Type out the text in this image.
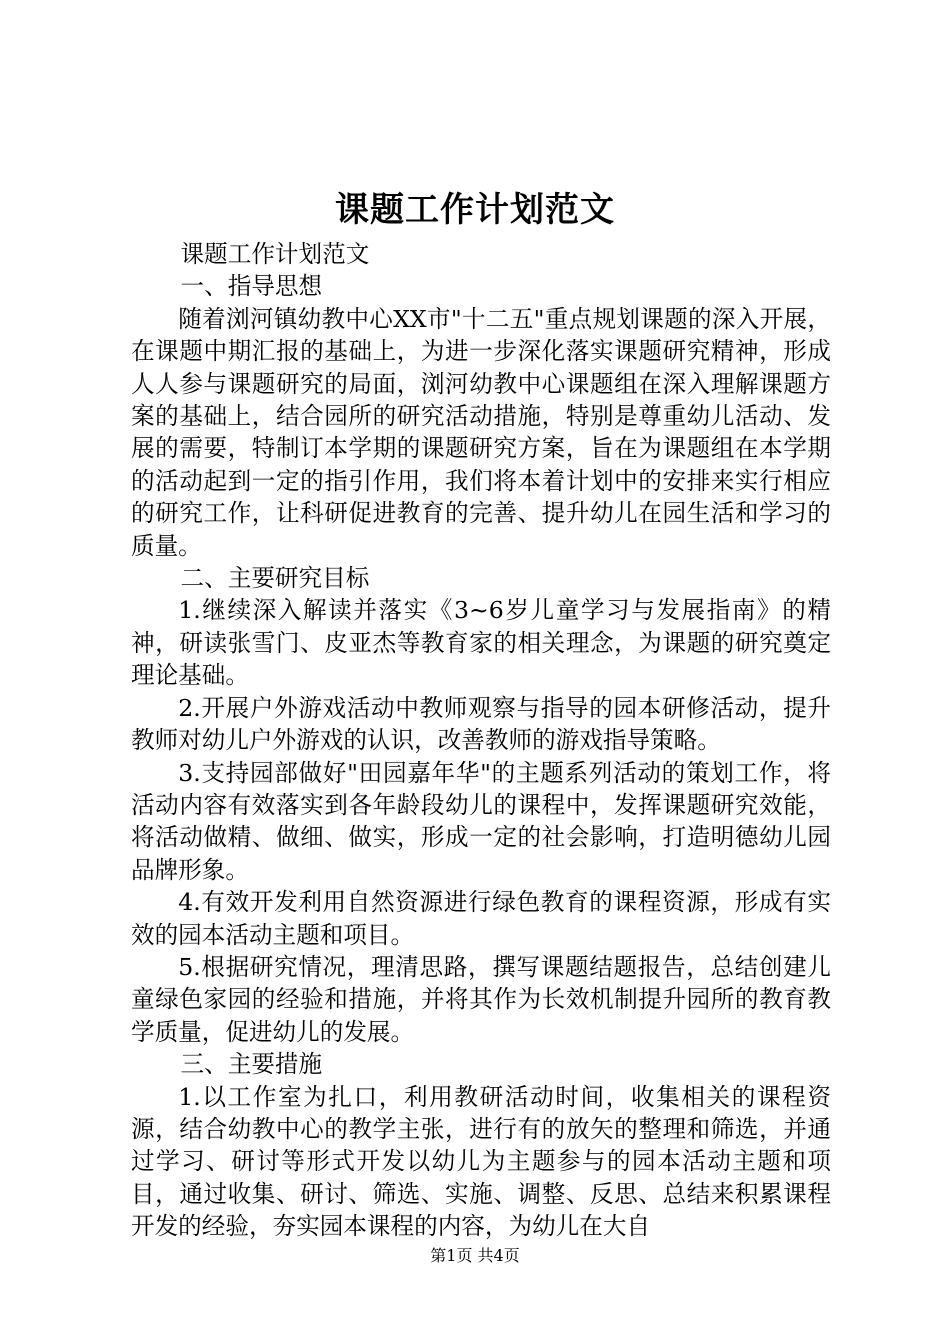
课题工作计划范文

课题工作计划范文

一、指导思想

随着浏河镇幼教中心XX市"十二五"重点规划课题的深入开展，在课题中期汇报的基础上，为进一步深化落实课题研究精神，形成人人参与课题研究的局面，浏河幼教中心课题组在深入理解课题方案的基础上，结合园所的研究活动措施，特别是尊重幼儿活动、发展的需要，特制订本学期的课题研究方案，旨在为课题组在本学期的活动起到一定的指引作用，我们将本着计划中的安排来实行相应的研究工作，让科研促进教育的完善、提升幼儿在园生活和学习的质量。

二、主要研究目标

1.继续深入解读并落实《3~6岁儿童学习与发展指南》的精神，研读张雪门、皮亚杰等教育家的相关理念，为课题的研究奠定理论基础。

2.开展户外游戏活动中教师观察与指导的园本研修活动，提升教师对幼儿户外游戏的认识，改善教师的游戏指导策略。

3.支持园部做好"田园嘉年华"的主题系列活动的策划工作，将活动内容有效落实到各年龄段幼儿的课程中，发挥课题研究效能，将活动做精、做细、做实，形成一定的社会影响，打造明德幼儿园品牌形象。

4.有效开发利用自然资源进行绿色教育的课程资源，形成有实效的园本活动主题和项目。

5.根据研究情况，理清思路，撰写课题结题报告，总结创建儿童绿色家园的经验和措施，并将其作为长效机制提升园所的教育教学质量，促进幼儿的发展。

三、主要措施

1.以工作室为扎口，利用教研活动时间，收集相关的课程资源，结合幼教中心的教学主张，进行有的放矢的整理和筛选，并通过学习、研讨等形式开发以幼儿为主题参与的园本活动主题和项目，通过收集、研讨、筛选、实施、调整、反思、总结来积累课程开发的经验，夯实园本课程的内容，为幼儿在大自

第1页 共4页
